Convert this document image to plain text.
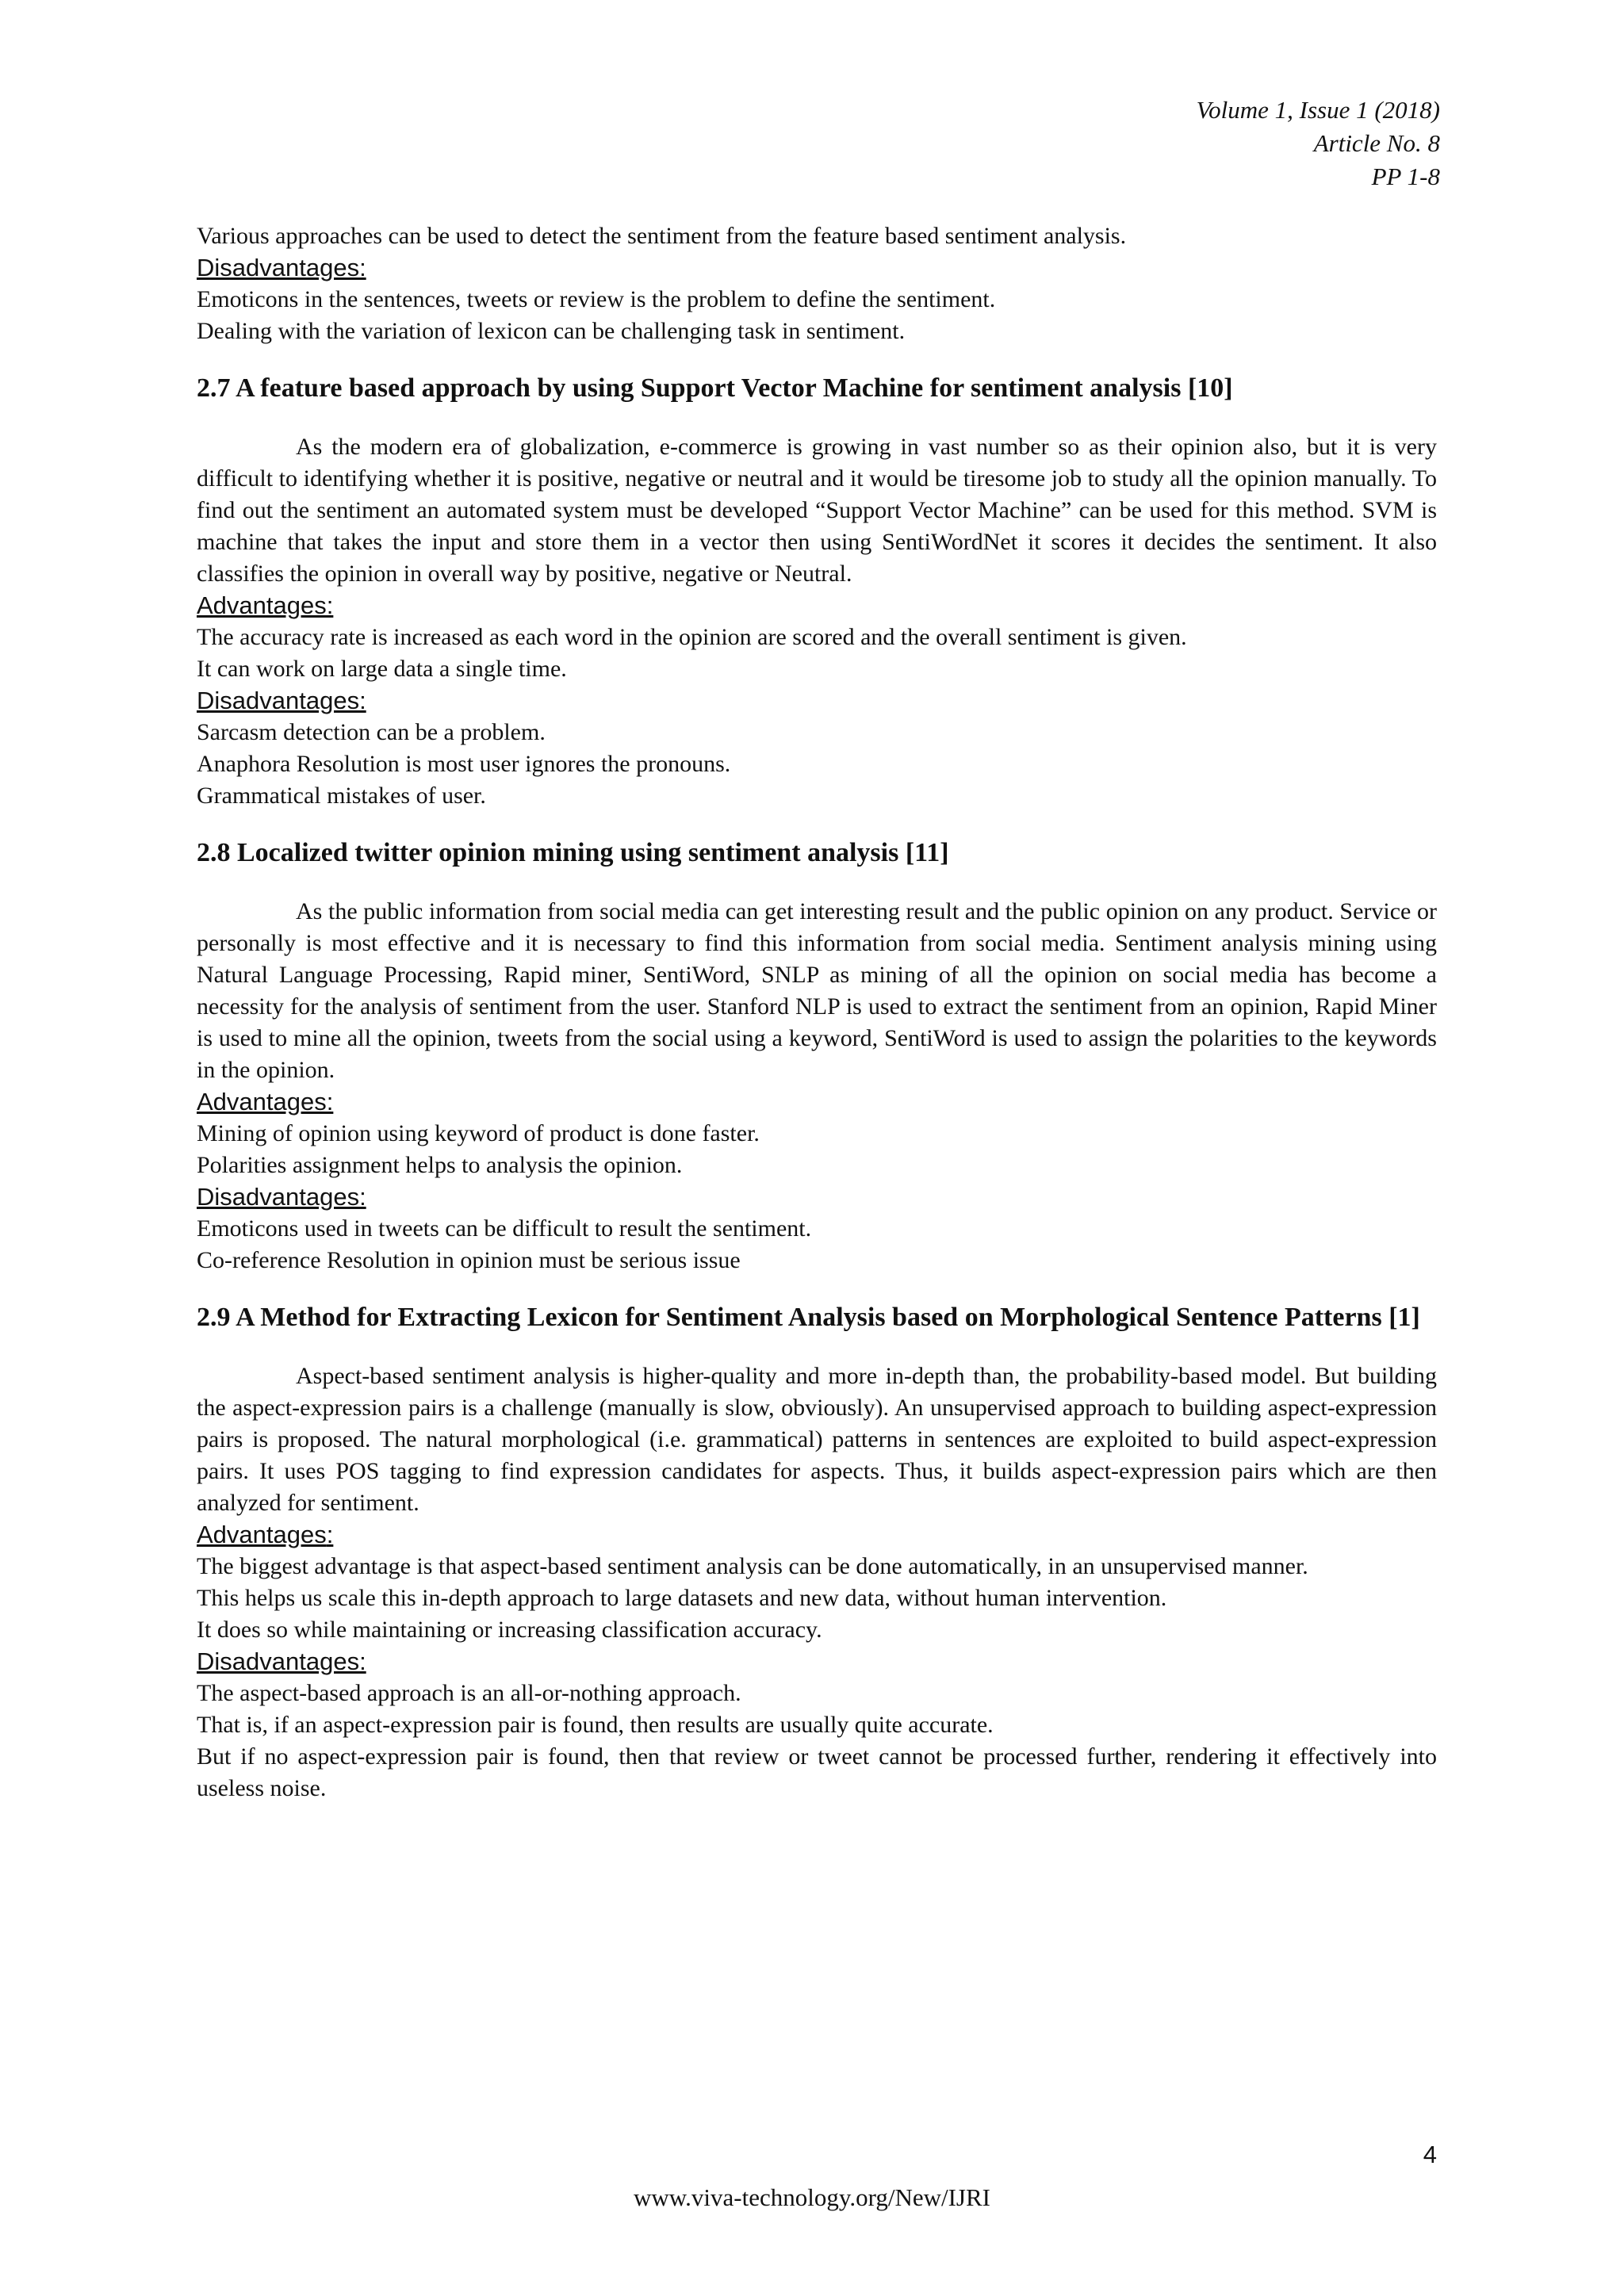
Volume 1, Issue 1 (2018)
Article No. 8
PP 1-8

Various approaches can be used to detect the sentiment from the feature based sentiment analysis.

Disadvantages:

Emoticons in the sentences, tweets or review is the problem to define the sentiment.

Dealing with the variation of lexicon can be challenging task in sentiment.

2.7 A feature based approach by using Support Vector Machine for sentiment analysis [10]

As the modern era of globalization, e-commerce is growing in vast number so as their opinion also, but it is very difficult to identifying whether it is positive, negative or neutral and it would be tiresome job to study all the opinion manually. To find out the sentiment an automated system must be developed “Support Vector Machine” can be used for this method. SVM is machine that takes the input and store them in a vector then using SentiWordNet it scores it decides the sentiment. It also classifies the opinion in overall way by positive, negative or Neutral.

Advantages:

The accuracy rate is increased as each word in the opinion are scored and the overall sentiment is given.

It can work on large data a single time.

Disadvantages:

Sarcasm detection can be a problem.

Anaphora Resolution is most user ignores the pronouns.

Grammatical mistakes of user.

2.8 Localized twitter opinion mining using sentiment analysis [11]

As the public information from social media can get interesting result and the public opinion on any product. Service or personally is most effective and it is necessary to find this information from social media. Sentiment analysis mining using Natural Language Processing, Rapid miner, SentiWord, SNLP as mining of all the opinion on social media has become a necessity for the analysis of sentiment from the user. Stanford NLP is used to extract the sentiment from an opinion, Rapid Miner is used to mine all the opinion, tweets from the social using a keyword, SentiWord is used to assign the polarities to the keywords in the opinion.

Advantages:

Mining of opinion using keyword of product is done faster.

Polarities assignment helps to analysis the opinion.

Disadvantages:

Emoticons used in tweets can be difficult to result the sentiment.

Co-reference Resolution in opinion must be serious issue

2.9 A Method for Extracting Lexicon for Sentiment Analysis based on Morphological Sentence Patterns [1]

Aspect-based sentiment analysis is higher-quality and more in-depth than, the probability-based model. But building the aspect-expression pairs is a challenge (manually is slow, obviously). An unsupervised approach to building aspect-expression pairs is proposed. The natural morphological (i.e. grammatical) patterns in sentences are exploited to build aspect-expression pairs. It uses POS tagging to find expression candidates for aspects. Thus, it builds aspect-expression pairs which are then analyzed for sentiment.

Advantages:

The biggest advantage is that aspect-based sentiment analysis can be done automatically, in an unsupervised manner.

This helps us scale this in-depth approach to large datasets and new data, without human intervention.

It does so while maintaining or increasing classification accuracy.

Disadvantages:

The aspect-based approach is an all-or-nothing approach.

That is, if an aspect-expression pair is found, then results are usually quite accurate.

But if no aspect-expression pair is found, then that review or tweet cannot be processed further, rendering it effectively into useless noise.

4
www.viva-technology.org/New/IJRI
